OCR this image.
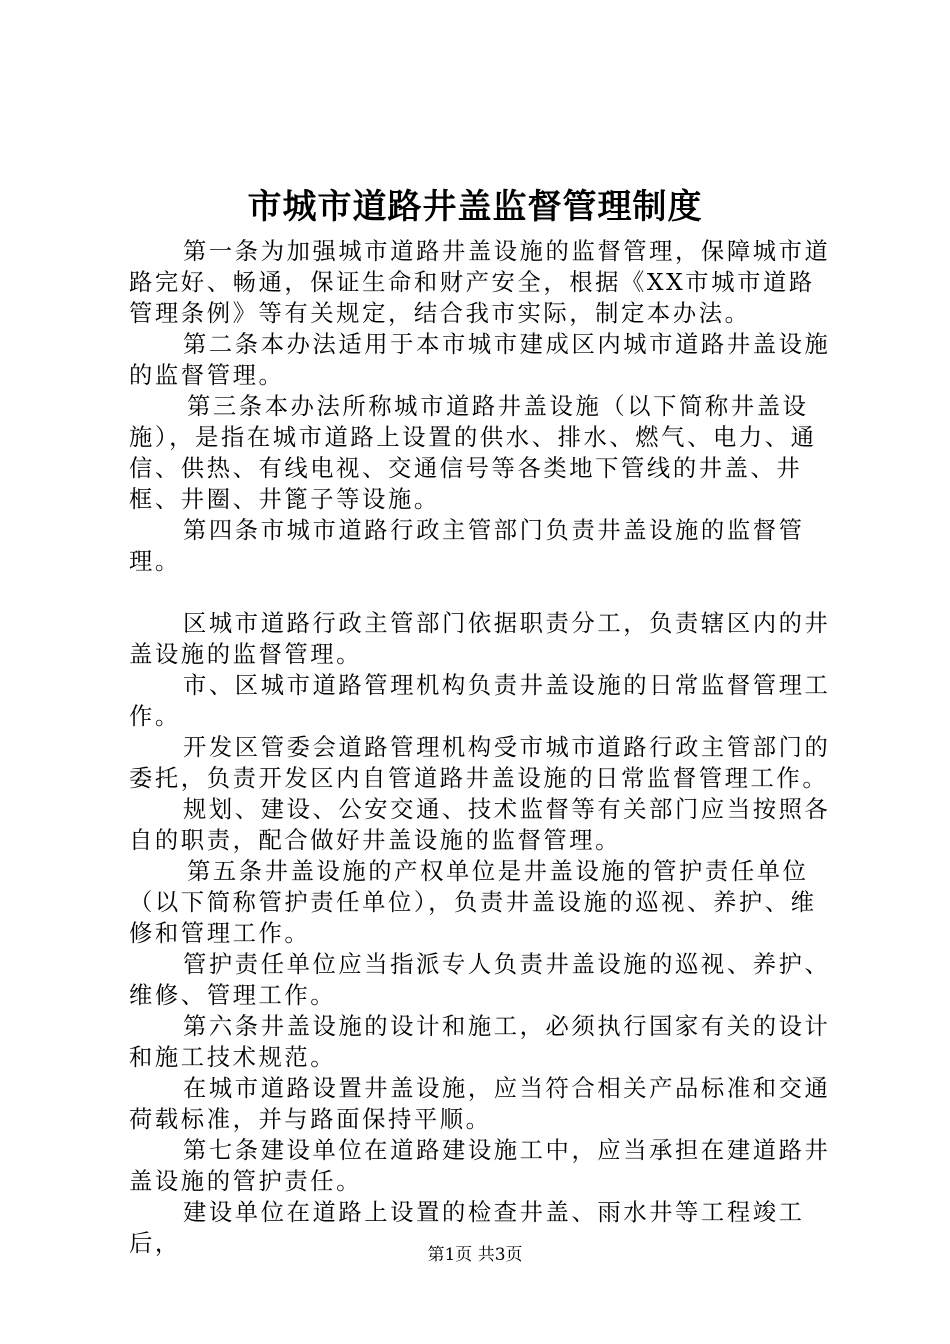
市城市道路井盖监督管理制度

第一条为加强城市道路井盖设施的监督管理，保障城市道路完好、畅通，保证生命和财产安全，根据《XX市城市道路管理条例》等有关规定，结合我市实际，制定本办法。

第二条本办法适用于本市城市建成区内城市道路井盖设施的监督管理。

第三条本办法所称城市道路井盖设施（以下简称井盖设施），是指在城市道路上设置的供水、排水、燃气、电力、通信、供热、有线电视、交通信号等各类地下管线的井盖、井框、井圈、井篦子等设施。

第四条市城市道路行政主管部门负责井盖设施的监督管理。

区城市道路行政主管部门依据职责分工，负责辖区内的井盖设施的监督管理。

市、区城市道路管理机构负责井盖设施的日常监督管理工作。

开发区管委会道路管理机构受市城市道路行政主管部门的委托，负责开发区内自管道路井盖设施的日常监督管理工作。

规划、建设、公安交通、技术监督等有关部门应当按照各自的职责，配合做好井盖设施的监督管理。

第五条井盖设施的产权单位是井盖设施的管护责任单位（以下简称管护责任单位），负责井盖设施的巡视、养护、维修和管理工作。

管护责任单位应当指派专人负责井盖设施的巡视、养护、维修、管理工作。

第六条井盖设施的设计和施工，必须执行国家有关的设计和施工技术规范。

在城市道路设置井盖设施，应当符合相关产品标准和交通荷载标准，并与路面保持平顺。

第七条建设单位在道路建设施工中，应当承担在建道路井盖设施的管护责任。

建设单位在道路上设置的检查井盖、雨水井等工程竣工后，	第1页 共3页
